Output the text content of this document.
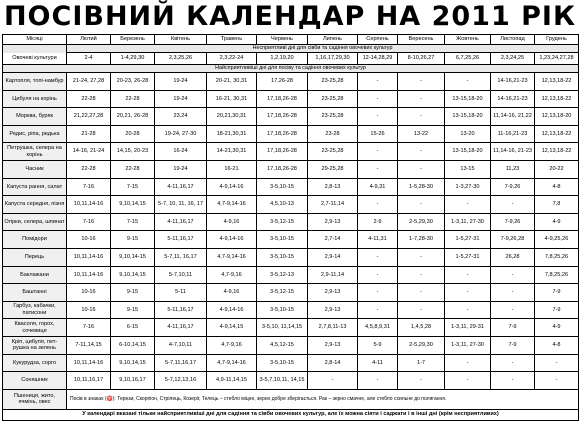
ПОСІВНИЙ КАЛЕНДАР НА 2011 РІК
Місяці	Лютий	Березень	Квітень	Травень	Червень	Липень	Серпень	Вересень	Жовтень	Листопад	Грудень
	Несприятливі дні для сівби та садіння овочевих культур										
Овочеві культури	2-4	1-4,29,30	2,3,25,26	2,3,22-24	1,2,19,20	1,16,17,29,30	12-14,28,29	8-10,26,27	6,7,25,26	2,3,24,25	1,23,24,27,28
Найсприятливіші дні для посіву та садіння овочевих культур											
Картопля, топі-намбур	21-24, 27,28	20-23, 26-28	19-24	20-21, 30,31	17,26-28	23-25,28	-	-	-	14-16,21-23	12,13,18-22
Цибуля на корінь	22-28	22-28	19-24	16-21, 30,31	17,18,26-28	23-25,28	-	-	13-15,18-20	14-16,21-23	12,13,18-22
Морква, буряк	21,22,27,28	20,21, 26-28	23,24	20,21,30,31	17,18,26-28	23-25,28	-	-	13-15,18-20	11,14-16, 21,22	12,13,18-20
Редис, ріпа, редька	21-28	20-28	19-24, 27-30	18-21,30,31	17,18,26-28	23-28	15-26	13-22	13-20	11-16,21-23	12,13,18-22
Петрушка, селера на корінь	14-16, 21-24	14,15, 20-23	16-24	14-21,30,31	17,18,26-28	23-25,28	-	-	13-15,18-20	11,14-16, 21-23	12,13,18-22
Часник	22-28	22-28	19-24	16-21	17,18,26-28	29-25,28	-	-	13-15	11,23	20-22
Капуста рання, салат	7-16	7-15	4-11,16,17	4-9,14-16	3-5,10-15	2,8-13	4-9,31	1-5,28-30	1-3,27-30	7-9,26	4-8
Капуста середня, пізня	10,11,14-16	9,10,14,15	5-7, 10, 11, 16, 17	4,7-9,14-16	4,5,10-13	2,7-11,14	-	-	-	-	7,8
Огірки, селера, шпинат	7-16	7-15	4-11,16,17	4-9,16	3-5,12-15	2,9-13	2-9	2-5,29,30	1-3,11, 27-30	7-9,26	4-9
Помідори	10-16	9-15	5-11,16,17	4-9,14-16	3-5,10-15	2,7-14	4-11,31	1-7,28-30	1-5,27-31	7-9,26,28	4-9,25,26
Перець	10,11,14-16	9,10,14-15	5-7,11, 16,17	4,7-9,14-16	3-5,10-15	2,9-14	-	-	1-5,27-31	26,28	7,8,25,26
Баклажани	10,11,14-16	9,10,14,15	5-7,10,11	4,7-9,16	3-5,12-13	2,9-11,14	-	-	-	-	7,8,25,26
Баштанні	10-16	9-15	5-11	4-9,16	3-5,12-15	2,9-13	-	-	-	-	7-9
Гарбуз, кабачки, патисони	10-16	9-15	5-11,16,17	4-9,14-16	3-5,10-15	2,9-13	-	-	-	-	7-9
Квасоля, горох, сочевиця	7-16	6-15	4-11,16,17	4-9,14,15	3-5,10, 11,14,15	2,7,8,11-13	4,5,8,9,31	1,4,5,28	1-3,11, 29-31	7-9	4-9
Кріп, цибуля, пет-рушка на зелень	7-11,14,15	6-10,14,15	4-7,10,11	4,7-9,16	4,5,12-15	2,9-13	5-9	2-5,29,30	1-3,11, 27-30	7-9	4-8
Кукурудза, сорго	10,11,14-16	9,10,14,15	5-7,11,16,17	4,7-9,14-16	3-5,10-15	2,8-14	4-11	1-7	-	-	-
Соняшник	10,11,16,17	9,10,16,17	5-7,12,13,16	4,9-11,14,15	3-5,7,10,11, 14,15	-	-	-	-	-	-
Пшениця, жито, ячмінь, овес	Посів в знаках (♈): Терези, Скорпіон, Стрілець, Козеріг, Телець – стебло міцне, зерно добре зберігається. Рак – зерно смачне, але стебло схильне до полягання.										
У календарі вказані тільки найсприятливіші дні для садіння та сівби овочевих культур, але їх можна сіяти і саджати і в інші дні (крім несприятливих)											
